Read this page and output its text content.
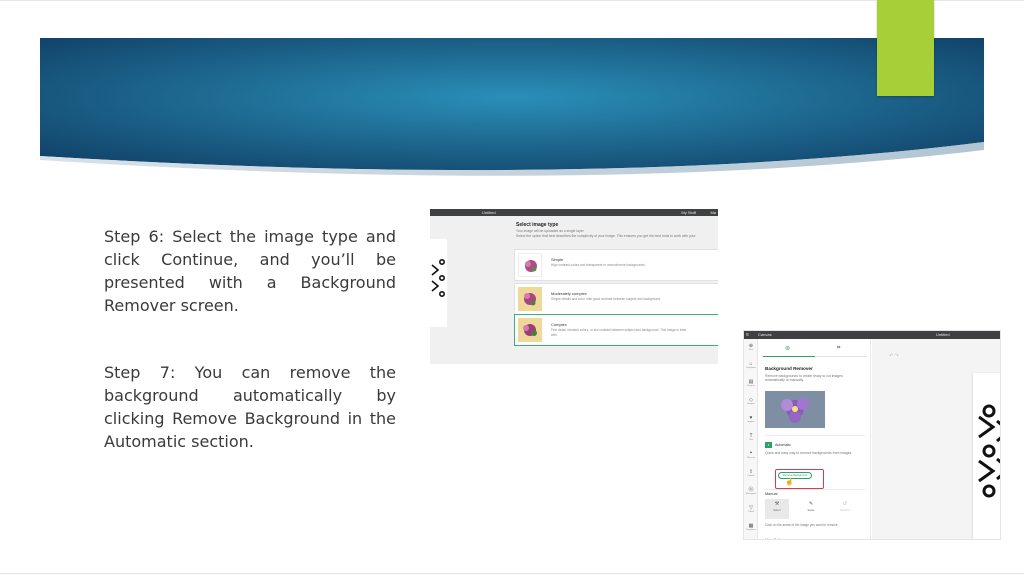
Step 6: Select the image type and click Continue, and you’ll be presented with a Background Remover screen.

Step 7: You can remove the background automatically by clicking Remove Background in the Automatic section.

Untitled	My Stuff	Ma
Select image type
Your image will be uploaded as a single layer.
Select the option that best describes the complexity of your image. This ensures you get the best tools to work with your
Simple
High contrast colors and transparent or monochrome backgrounds.
Moderately complex
Simple details and color, with good contrast between subject and background.
Complex
Fine detail, blended colors, or low contrast between subject and background. This image is treat
with.	≡ Canvas	Untitled
⊕
New
⌂
Templates
▤
Projects
◇
Shapes
♥
Images
T
Text
❝
Phrases
⇪
Upload
Ⓜ
Monogram
▽
Offset
▦
Templates
⊚	⌗
Background Remover
Remove backgrounds to create ready to cut images automatically or manually.
✦	Automatic
Quick and easy way to remove backgrounds from images.
Remove Background
☝
Manual
⚒
Select
✎
Erase
↺
Restore
Click on the areas of the image you want to remove.
More Options ⌄
↶ ↷
